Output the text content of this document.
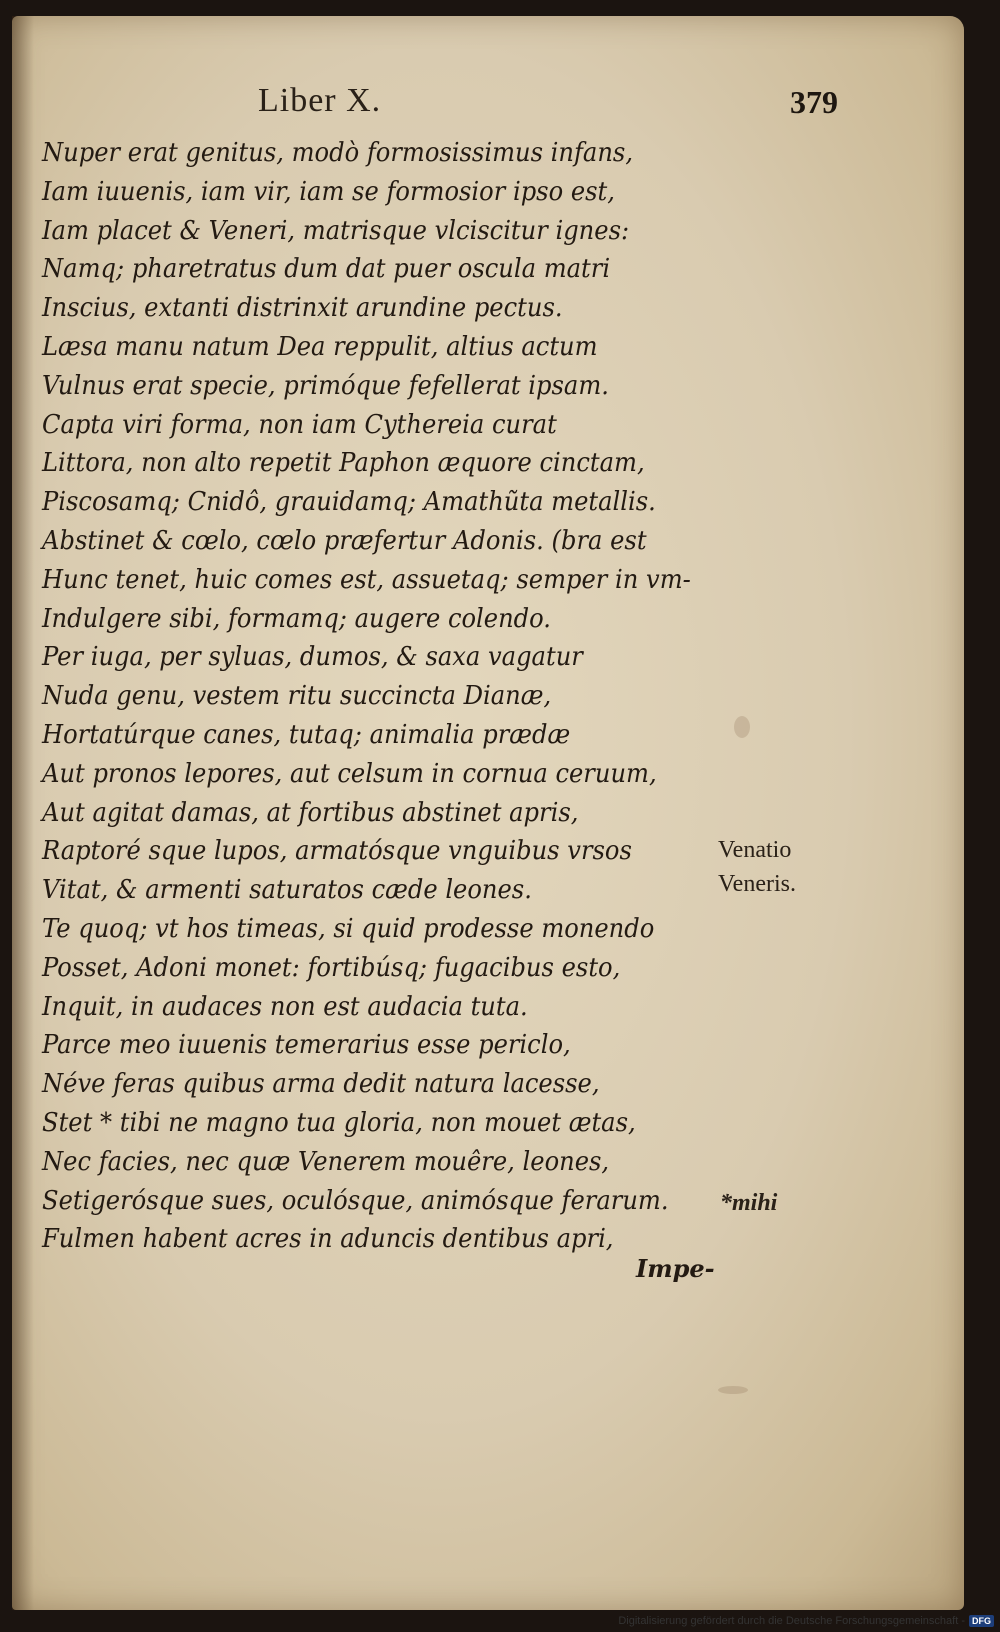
Liber X.	379
Nuper erat genitus, modò formosissimus infans,
Iam iuuenis, iam vir, iam se formosior ipso est,
Iam placet & Veneri, matrisque vlciscitur ignes:
Namq; pharetratus dum dat puer oscula matri
Inscius, extanti distrinxit arundine pectus.
Læsa manu natum Dea reppulit, altius actum
Vulnus erat specie, primóque fefellerat ipsam.
Capta viri forma, non iam Cythereia curat
Littora, non alto repetit Paphon æquore cinctam,
Piscosamq; Cnidô, grauidamq; Amathũta metallis.
Abstinet & cœlo, cœlo præfertur Adonis. (bra est
Hunc tenet, huic comes est, assuetaq; semper in vm-
Indulgere sibi, formamq; augere colendo.
Per iuga, per syluas, dumos, & saxa vagatur
Nuda genu, vestem ritu succincta Dianæ,
Hortatúrque canes, tutaq; animalia prædæ
Aut pronos lepores, aut celsum in cornua ceruum,
Aut agitat damas, at fortibus abstinet apris,
Raptoré sque lupos, armatósque vnguibus vrsos
Vitat, & armenti saturatos cæde leones.
Te quoq; vt hos timeas, si quid prodesse monendo
Posset, Adoni monet: fortibúsq; fugacibus esto,
Inquit, in audaces non est audacia tuta.
Parce meo iuuenis temerarius esse periclo,
Néve feras quibus arma dedit natura lacesse,
Stet * tibi ne magno tua gloria, non mouet ætas,
Nec facies, nec quæ Venerem mouêre, leones,
Setigerósque sues, oculósque, animósque ferarum.
Fulmen habent acres in aduncis dentibus apri,
Impe-
Venatio
Veneris.
*mihi
Digitalisierung gefördert durch die Deutsche Forschungsgemeinschaft - DFG
